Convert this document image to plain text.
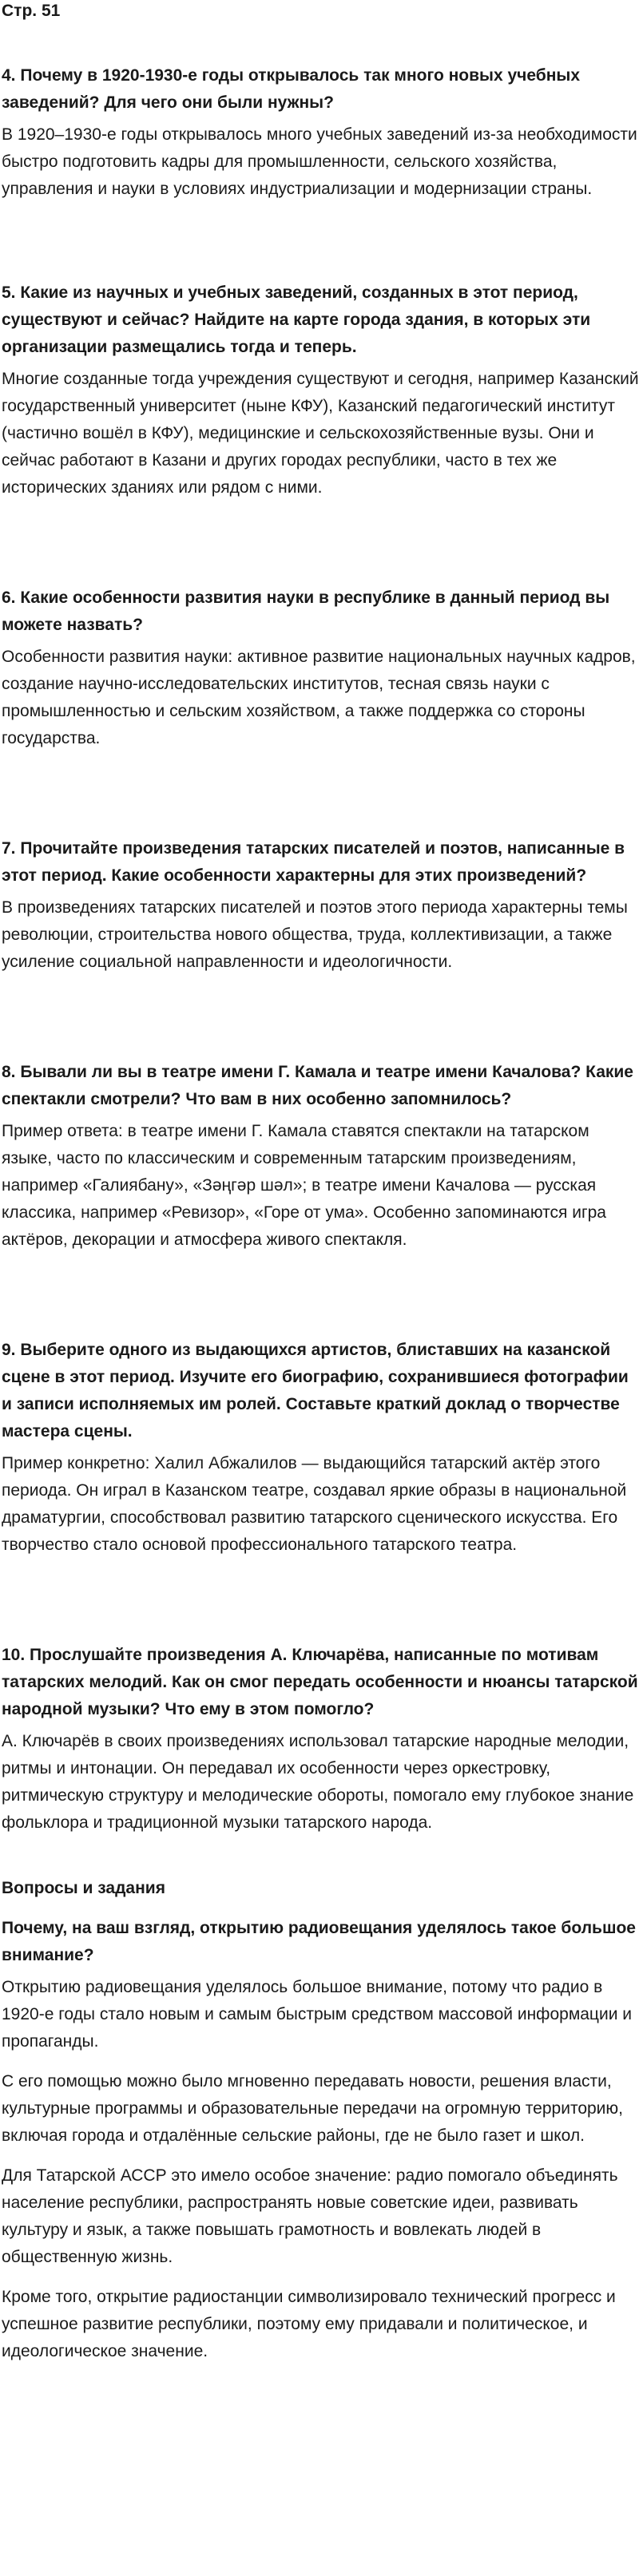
Стр. 51

4. Почему в 1920-1930-е годы открывалось так много новых учебных заведений? Для чего они были нужны?

В 1920–1930-е годы открывалось много учебных заведений из-за необходимости быстро подготовить кадры для промышленности, сельского хозяйства, управления и науки в условиях индустриализации и модернизации страны.

5. Какие из научных и учебных заведений, созданных в этот период, существуют и сейчас? Найдите на карте города здания, в которых эти организации размещались тогда и теперь.

Многие созданные тогда учреждения существуют и сегодня, например Казанский государственный университет (ныне КФУ), Казанский педагогический институт (частично вошёл в КФУ), медицинские и сельскохозяйственные вузы. Они и сейчас работают в Казани и других городах республики, часто в тех же исторических зданиях или рядом с ними.

6. Какие особенности развития науки в республике в данный период вы можете назвать?

Особенности развития науки: активное развитие национальных научных кадров, создание научно-исследовательских институтов, тесная связь науки с промышленностью и сельским хозяйством, а также поддержка со стороны государства.

7. Прочитайте произведения татарских писателей и поэтов, написанные в этот период. Какие особенности характерны для этих произведений?

В произведениях татарских писателей и поэтов этого периода характерны темы революции, строительства нового общества, труда, коллективизации, а также усиление социальной направленности и идеологичности.

8. Бывали ли вы в театре имени Г. Камала и театре имени Качалова? Какие спектакли смотрели? Что вам в них особенно запомнилось?

Пример ответа: в театре имени Г. Камала ставятся спектакли на татарском языке, часто по классическим и современным татарским произведениям, например «Галиябану», «Зәңгәр шәл»; в театре имени Качалова — русская классика, например «Ревизор», «Горе от ума». Особенно запоминаются игра актёров, декорации и атмосфера живого спектакля.

9. Выберите одного из выдающихся артистов, блиставших на казанской сцене в этот период. Изучите его биографию, сохранившиеся фотографии и записи исполняемых им ролей. Составьте краткий доклад о творчестве мастера сцены.

Пример конкретно: Халил Абжалилов — выдающийся татарский актёр этого периода. Он играл в Казанском театре, создавал яркие образы в национальной драматургии, способствовал развитию татарского сценического искусства. Его творчество стало основой профессионального татарского театра.

10. Прослушайте произведения А. Ключарёва, написанные по мотивам татарских мелодий. Как он смог передать особенности и нюансы татарской народной музыки? Что ему в этом помогло?

А. Ключарёв в своих произведениях использовал татарские народные мелодии, ритмы и интонации. Он передавал их особенности через оркестровку, ритмическую структуру и мелодические обороты, помогало ему глубокое знание фольклора и традиционной музыки татарского народа.

Вопросы и задания

Почему, на ваш взгляд, открытию радиовещания уделялось такое большое внимание?

Открытию радиовещания уделялось большое внимание, потому что радио в 1920-е годы стало новым и самым быстрым средством массовой информации и пропаганды.

С его помощью можно было мгновенно передавать новости, решения власти, культурные программы и образовательные передачи на огромную территорию, включая города и отдалённые сельские районы, где не было газет и школ.

Для Татарской АССР это имело особое значение: радио помогало объединять население республики, распространять новые советские идеи, развивать культуру и язык, а также повышать грамотность и вовлекать людей в общественную жизнь.

Кроме того, открытие радиостанции символизировало технический прогресс и успешное развитие республики, поэтому ему придавали и политическое, и идеологическое значение.
